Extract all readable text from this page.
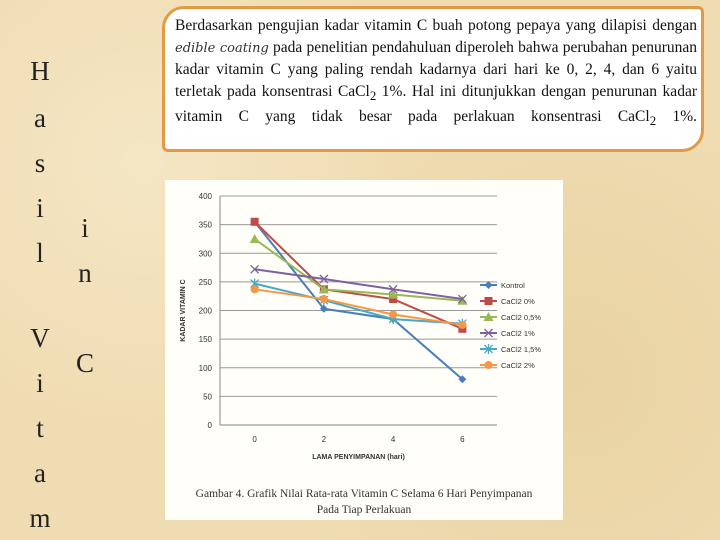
Berdasarkan pengujian kadar vitamin C buah potong pepaya yang dilapisi dengan edible coating pada penelitian pendahuluan diperoleh bahwa perubahan penurunan kadar vitamin C yang paling rendah kadarnya dari hari ke 0, 2, 4, dan 6 yaitu terletak pada konsentrasi CaCl$_2$ 1%. Hal ini ditunjukkan dengan penurunan kadar vitamin C yang tidak besar pada perlakuan konsentrasi CaCl$_2$ 1%.

0
50
100
150
200
250
300
350
400
0	2	4	6
LAMA PENYIMPANAN (hari)
KADAR VITAMIN C	Kontrol
CaCl2 0%
CaCl2 0,5%
CaCl2 1%
CaCl2 1,5%
CaCl2 2%
Gambar 4. Grafik Nilai Rata-rata Vitamin C Selama 6 Hari Penyimpanan
Pada Tiap Perlakuan
H
a
s
i
l
V
i
t
a
m
i
n
C
